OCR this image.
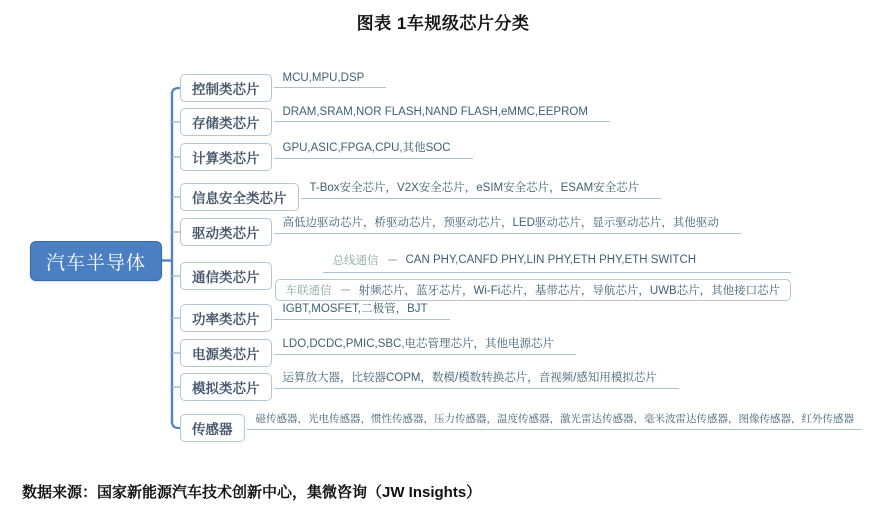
图表 1车规级芯片分类
汽车半导体
控制类芯片
MCU,MPU,DSP
存储类芯片
DRAM,SRAM,NOR FLASH,NAND FLASH,eMMC,EEPROM
计算类芯片
GPU,ASIC,FPGA,CPU,其他SOC
信息安全类芯片
T-Box安全芯片，V2X安全芯片，eSIM安全芯片，ESAM安全芯片
驱动类芯片
高低边驱动芯片，桥驱动芯片，预驱动芯片，LED驱动芯片，显示驱动芯片，其他驱动
通信类芯片
总线通信 CAN PHY,CANFD PHY,LIN PHY,ETH PHY,ETH SWITCH
车联通信 射频芯片，蓝牙芯片，Wi-Fi芯片，基带芯片，导航芯片，UWB芯片，其他接口芯片
功率类芯片
IGBT,MOSFET,二极管，BJT
电源类芯片
LDO,DCDC,PMIC,SBC,电芯管理芯片，其他电源芯片
模拟类芯片
运算放大器，比较器COPM，数模/模数转换芯片，音视频/感知用模拟芯片
传感器
磁传感器，光电传感器，惯性传感器，压力传感器，温度传感器，激光雷达传感器，毫米波雷达传感器，图像传感器，红外传感器
数据来源：国家新能源汽车技术创新中心，集微咨询（JW Insights）
